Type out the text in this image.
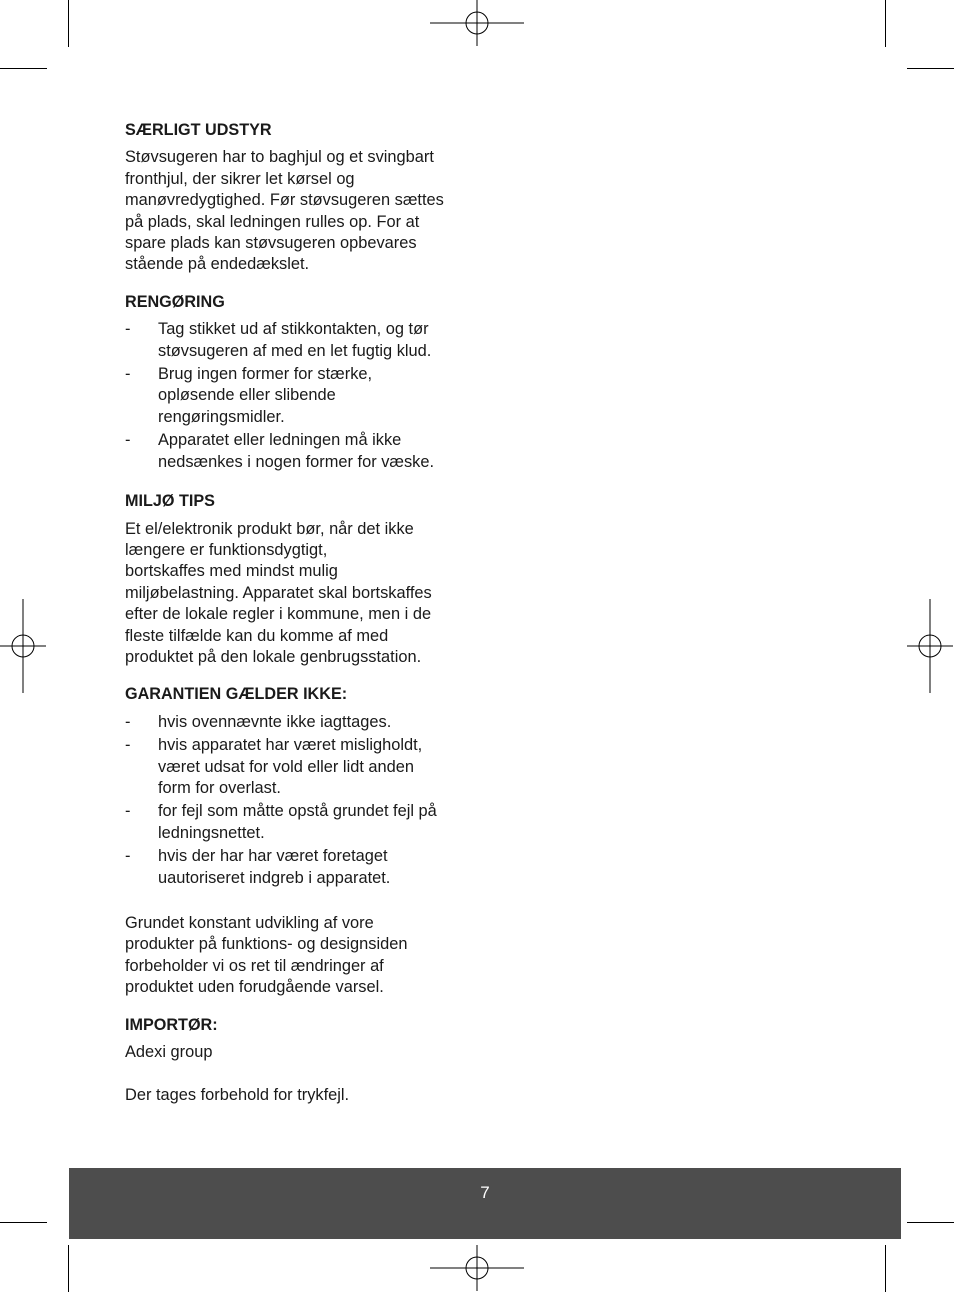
SÆRLIGT UDSTYR
Støvsugeren har to baghjul og et svingbart
fronthjul, der sikrer let kørsel og
manøvredygtighed. Før støvsugeren sættes
på plads, skal ledningen rulles op. For at
spare plads kan støvsugeren opbevares
stående på endedækslet.
RENGØRING
- Tag stikket ud af stikkontakten, og tør
støvsugeren af med en let fugtig klud.
- Brug ingen former for stærke,
opløsende eller slibende
rengøringsmidler.
- Apparatet eller ledningen må ikke
nedsænkes i nogen former for væske.
MILJØ TIPS
Et el/elektronik produkt bør, når det ikke
længere er funktionsdygtigt,
bortskaffes med mindst mulig
miljøbelastning. Apparatet skal bortskaffes
efter de lokale regler i kommune, men i de
fleste tilfælde kan du komme af med
produktet på den lokale genbrugsstation.
GARANTIEN GÆLDER IKKE:
- hvis ovennævnte ikke iagttages.
- hvis apparatet har været misligholdt,
været udsat for vold eller lidt anden
form for overlast.
- for fejl som måtte opstå grundet fejl på
ledningsnettet.
- hvis der har har været foretaget
uautoriseret indgreb i apparatet.
Grundet konstant udvikling af vore
produkter på funktions- og designsiden
forbeholder vi os ret til ændringer af
produktet uden forudgående varsel.
IMPORTØR:
Adexi group
Der tages forbehold for trykfejl.
7
